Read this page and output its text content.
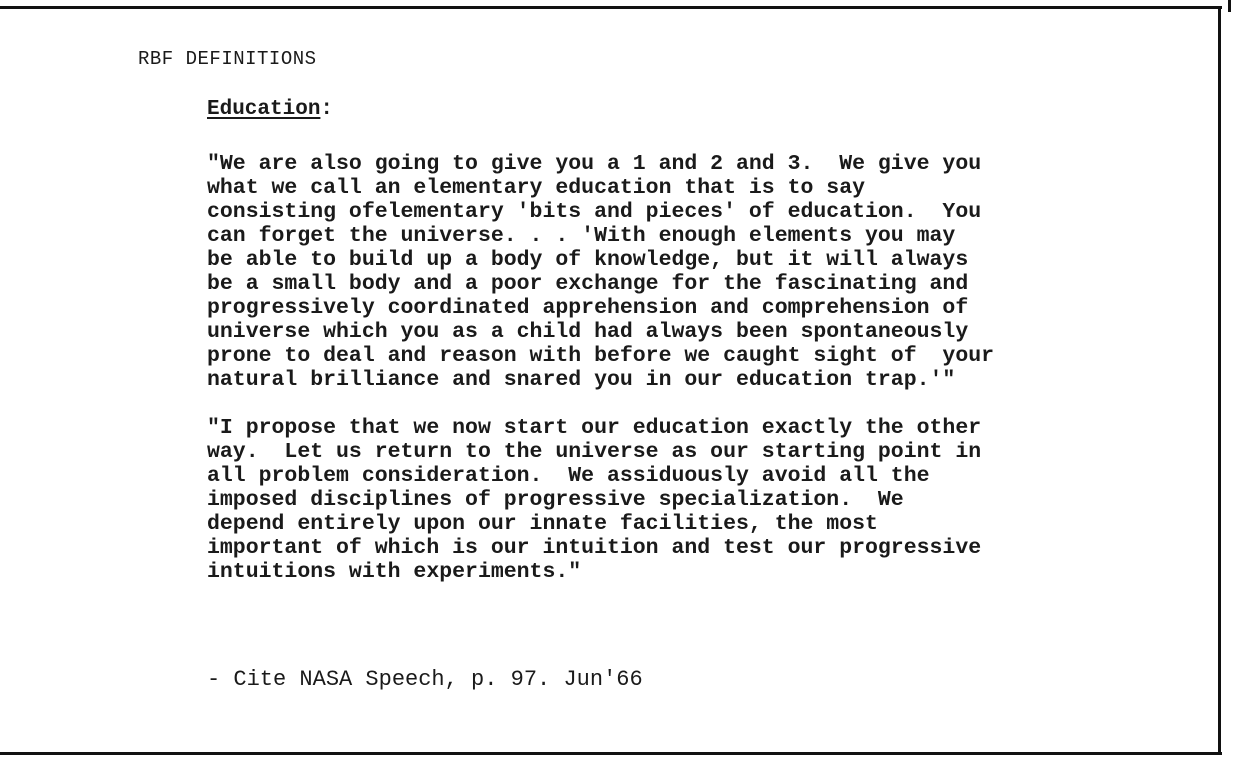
RBF DEFINITIONS
Education:

"We are also going to give you a 1 and 2 and 3.  We give you
what we call an elementary education that is to say
consisting ofelementary 'bits and pieces' of education.  You
can forget the universe. . . 'With enough elements you may
be able to build up a body of knowledge, but it will always
be a small body and a poor exchange for the fascinating and
progressively coordinated apprehension and comprehension of
universe which you as a child had always been spontaneously
prone to deal and reason with before we caught sight of  your
natural brilliance and snared you in our education trap.'"

"I propose that we now start our education exactly the other
way.  Let us return to the universe as our starting point in
all problem consideration.  We assiduously avoid all the
imposed disciplines of progressive specialization.  We
depend entirely upon our innate facilities, the most
important of which is our intuition and test our progressive
intuitions with experiments."

- Cite NASA Speech, p. 97. Jun'66
